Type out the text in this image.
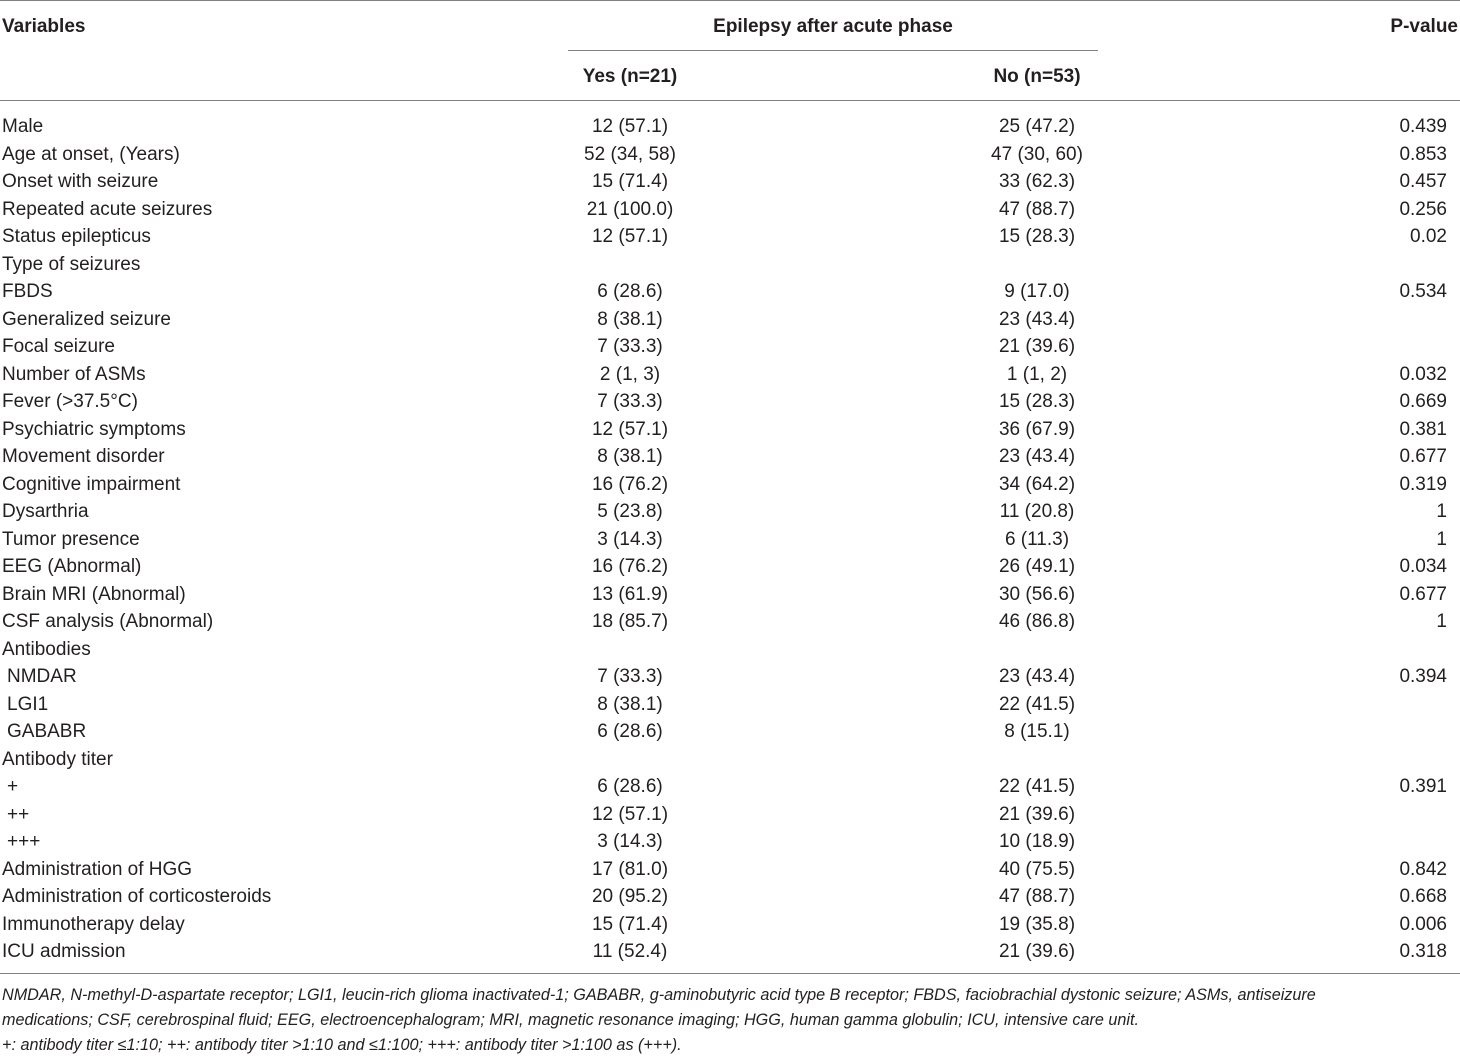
Variables	Epilepsy after acute phase	P-value
Yes (n=21)	No (n=53)
Male	12 (57.1)	25 (47.2)	0.439
Age at onset, (Years)	52 (34, 58)	47 (30, 60)	0.853
Onset with seizure	15 (71.4)	33 (62.3)	0.457
Repeated acute seizures	21 (100.0)	47 (88.7)	0.256
Status epilepticus	12 (57.1)	15 (28.3)	0.02
Type of seizures
FBDS	6 (28.6)	9 (17.0)	0.534
Generalized seizure	8 (38.1)	23 (43.4)
Focal seizure	7 (33.3)	21 (39.6)
Number of ASMs	2 (1, 3)	1 (1, 2)	0.032
Fever (>37.5°C)	7 (33.3)	15 (28.3)	0.669
Psychiatric symptoms	12 (57.1)	36 (67.9)	0.381
Movement disorder	8 (38.1)	23 (43.4)	0.677
Cognitive impairment	16 (76.2)	34 (64.2)	0.319
Dysarthria	5 (23.8)	11 (20.8)	1
Tumor presence	3 (14.3)	6 (11.3)	1
EEG (Abnormal)	16 (76.2)	26 (49.1)	0.034
Brain MRI (Abnormal)	13 (61.9)	30 (56.6)	0.677
CSF analysis (Abnormal)	18 (85.7)	46 (86.8)	1
Antibodies
NMDAR	7 (33.3)	23 (43.4)	0.394
LGI1	8 (38.1)	22 (41.5)
GABABR	6 (28.6)	8 (15.1)
Antibody titer
+	6 (28.6)	22 (41.5)	0.391
++	12 (57.1)	21 (39.6)
+++	3 (14.3)	10 (18.9)
Administration of HGG	17 (81.0)	40 (75.5)	0.842
Administration of corticosteroids	20 (95.2)	47 (88.7)	0.668
Immunotherapy delay	15 (71.4)	19 (35.8)	0.006
ICU admission	11 (52.4)	21 (39.6)	0.318
NMDAR, N-methyl-D-aspartate receptor; LGI1, leucin-rich glioma inactivated-1; GABABR, g-aminobutyric acid type B receptor; FBDS, faciobrachial dystonic seizure; ASMs, antiseizure
medications; CSF, cerebrospinal fluid; EEG, electroencephalogram; MRI, magnetic resonance imaging; HGG, human gamma globulin; ICU, intensive care unit.
+: antibody titer ≤1:10; ++: antibody titer >1:10 and ≤1:100; +++: antibody titer >1:100 as (+++).
